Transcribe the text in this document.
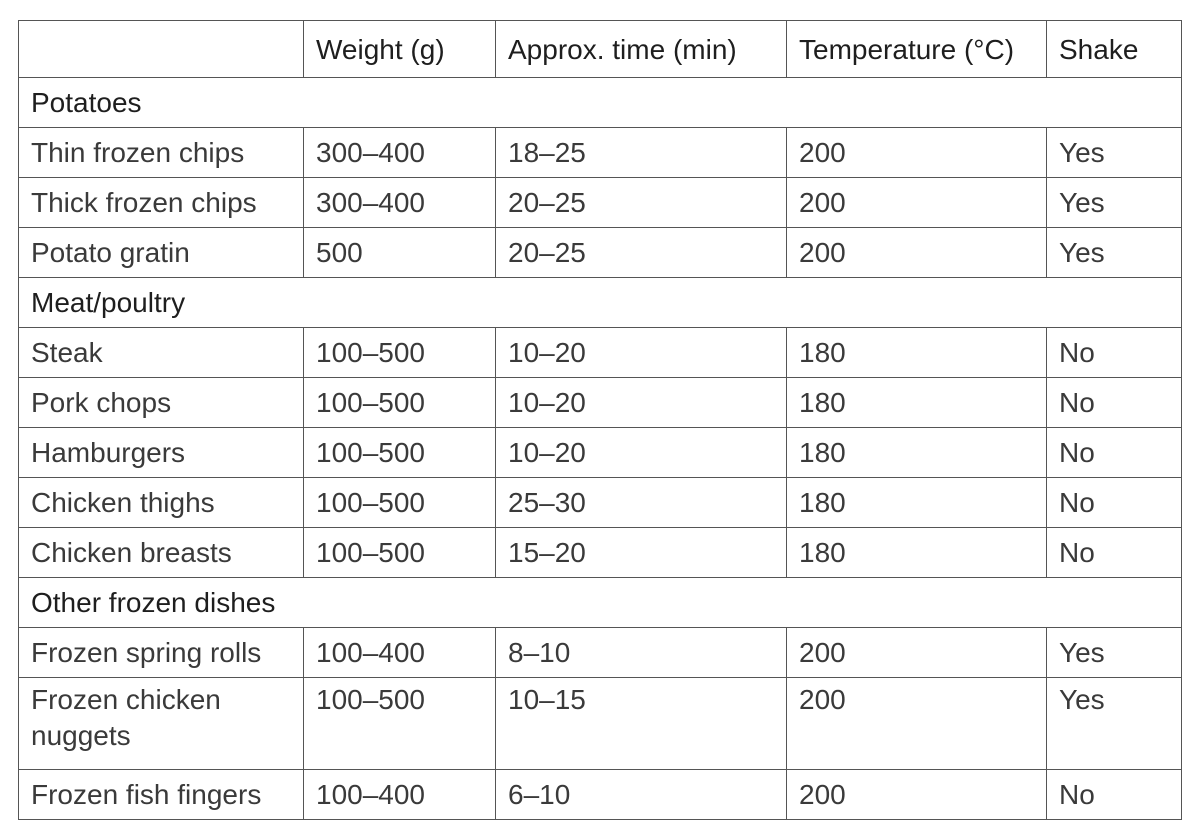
	Weight (g)	Approx. time (min)	Temperature (°C)	Shake
Potatoes				
Thin frozen chips	300–400	18–25	200	Yes
Thick frozen chips	300–400	20–25	200	Yes
Potato gratin	500	20–25	200	Yes
Meat/poultry				
Steak	100–500	10–20	180	No
Pork chops	100–500	10–20	180	No
Hamburgers	100–500	10–20	180	No
Chicken thighs	100–500	25–30	180	No
Chicken breasts	100–500	15–20	180	No
Other frozen dishes				
Frozen spring rolls	100–400	8–10	200	Yes
Frozen chicken nuggets	100–500	10–15	200	Yes
Frozen fish fingers	100–400	6–10	200	No
